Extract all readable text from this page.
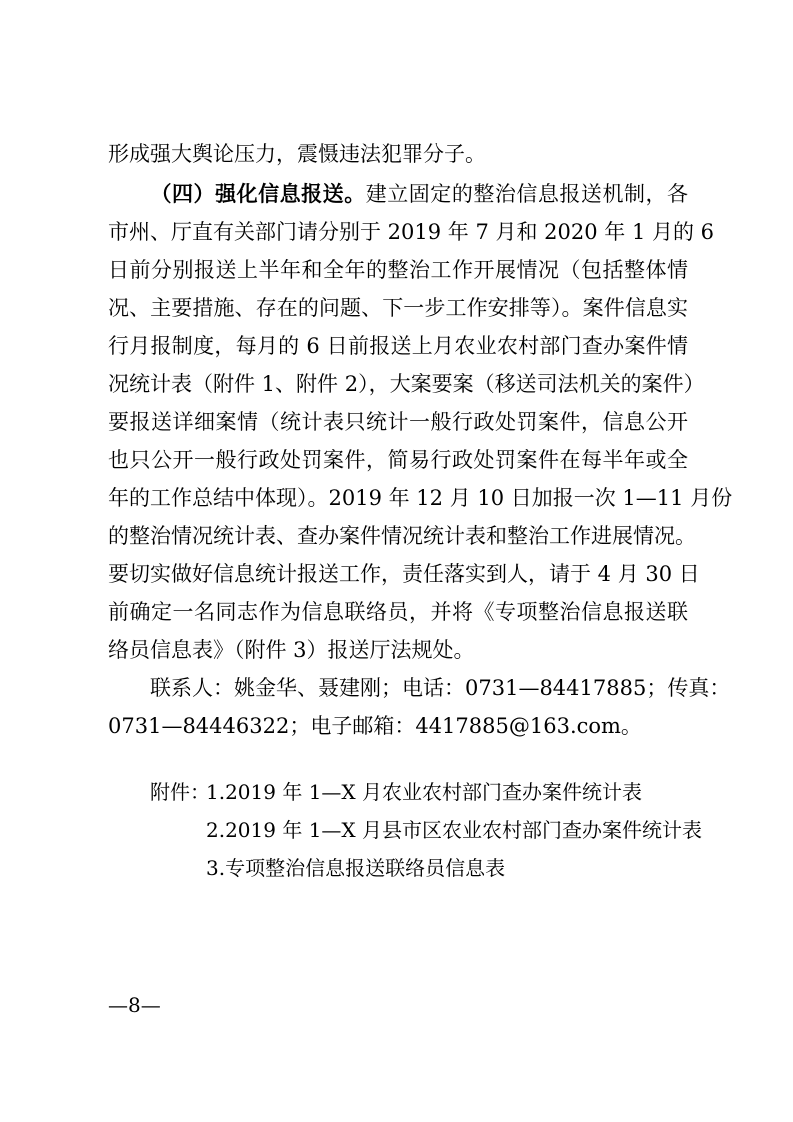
形成强大舆论压力，震慑违法犯罪分子。
（四）强化信息报送。建立固定的整治信息报送机制，各
市州、厅直有关部门请分别于 2019 年 7 月和 2020 年 1 月的 6
日前分别报送上半年和全年的整治工作开展情况（包括整体情
况、主要措施、存在的问题、下一步工作安排等）。案件信息实
行月报制度，每月的 6 日前报送上月农业农村部门查办案件情
况统计表（附件 1、附件 2），大案要案（移送司法机关的案件）
要报送详细案情（统计表只统计一般行政处罚案件，信息公开
也只公开一般行政处罚案件，简易行政处罚案件在每半年或全
年的工作总结中体现）。2019 年 12 月 10 日加报一次 1—11 月份
的整治情况统计表、查办案件情况统计表和整治工作进展情况。
要切实做好信息统计报送工作，责任落实到人，请于 4 月 30 日
前确定一名同志作为信息联络员，并将《专项整治信息报送联
络员信息表》（附件 3）报送厅法规处。
　　联系人：姚金华、聂建刚；电话：0731—84417885；传真：
0731—84446322；电子邮箱：4417885@163.com。
附件：
1.2019 年 1—X 月农业农村部门查办案件统计表
2.2019 年 1—X 月县市区农业农村部门查办案件统计表
3.专项整治信息报送联络员信息表
—8—
